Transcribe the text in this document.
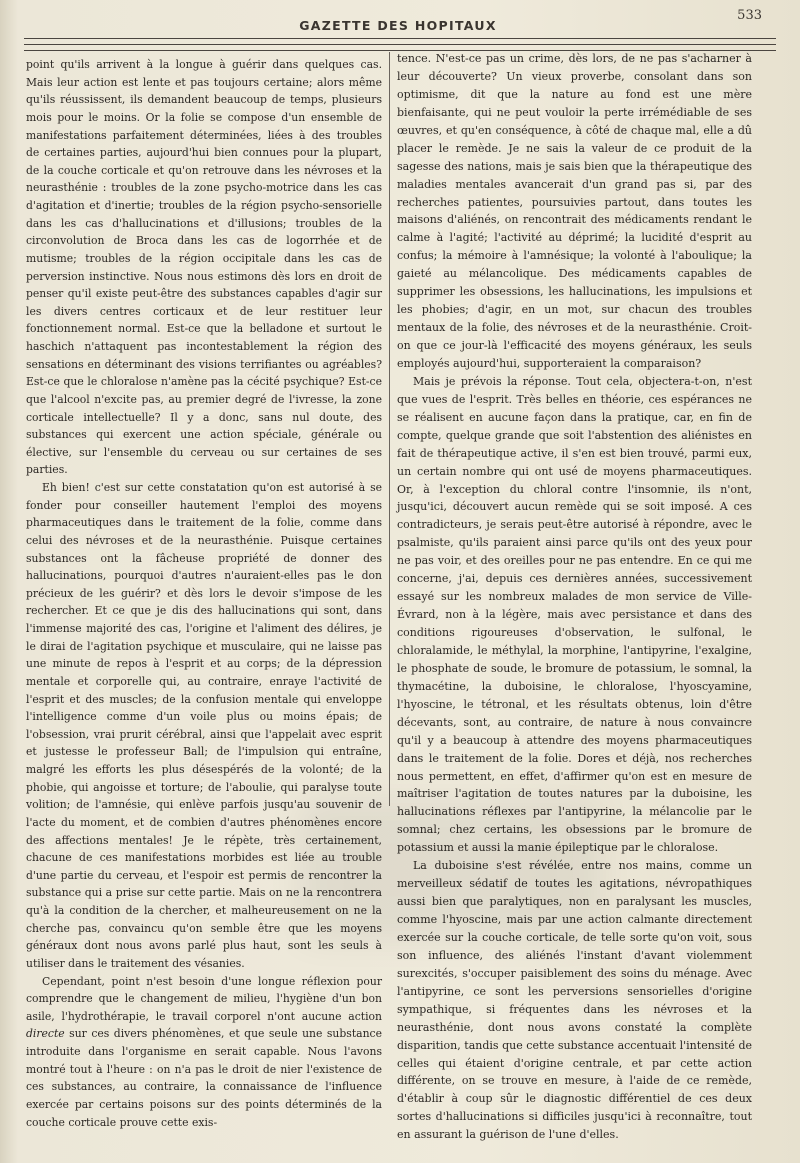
GAZETTE DES HOPITAUX
533

point qu'ils arrivent à la longue à guérir dans quelques cas. Mais leur action est lente et pas toujours certaine; alors même qu'ils réussissent, ils demandent beaucoup de temps, plusieurs mois pour le moins. Or la folie se compose d'un ensemble de manifestations parfaitement déterminées, liées à des troubles de certaines parties, aujourd'hui bien connues pour la plupart, de la couche corticale et qu'on retrouve dans les névroses et la neurasthénie : troubles de la zone psycho-motrice dans les cas d'agitation et d'inertie; troubles de la région psycho-sensorielle dans les cas d'hallucinations et d'illusions; troubles de la circonvolution de Broca dans les cas de logorrhée et de mutisme; troubles de la région occipitale dans les cas de perversion instinctive. Nous nous estimons dès lors en droit de penser qu'il existe peut-être des substances capables d'agir sur les divers centres corticaux et de leur restituer leur fonctionnement normal. Est-ce que la belladone et surtout le haschich n'attaquent pas incontestablement la région des sensations en déterminant des visions terrifiantes ou agréables? Est-ce que le chloralose n'amène pas la cécité psychique? Est-ce que l'alcool n'excite pas, au premier degré de l'ivresse, la zone corticale intellectuelle? Il y a donc, sans nul doute, des substances qui exercent une action spéciale, générale ou élective, sur l'ensemble du cerveau ou sur certaines de ses parties.

Eh bien! c'est sur cette constatation qu'on est autorisé à se fonder pour conseiller hautement l'emploi des moyens pharmaceutiques dans le traitement de la folie, comme dans celui des névroses et de la neurasthénie. Puisque certaines substances ont la fâcheuse propriété de donner des hallucinations, pourquoi d'autres n'auraient-elles pas le don précieux de les guérir? et dès lors le devoir s'impose de les rechercher. Et ce que je dis des hallucinations qui sont, dans l'immense majorité des cas, l'origine et l'aliment des délires, je le dirai de l'agitation psychique et musculaire, qui ne laisse pas une minute de repos à l'esprit et au corps; de la dépression mentale et corporelle qui, au contraire, enraye l'activité de l'esprit et des muscles; de la confusion mentale qui enveloppe l'intelligence comme d'un voile plus ou moins épais; de l'obsession, vrai prurit cérébral, ainsi que l'appelait avec esprit et justesse le professeur Ball; de l'impulsion qui entraîne, malgré les efforts les plus désespérés de la volonté; de la phobie, qui angoisse et torture; de l'aboulie, qui paralyse toute volition; de l'amnésie, qui enlève parfois jusqu'au souvenir de l'acte du moment, et de combien d'autres phénomènes encore des affections mentales! Je le répète, très certainement, chacune de ces manifestations morbides est liée au trouble d'une partie du cerveau, et l'espoir est permis de rencontrer la substance qui a prise sur cette partie. Mais on ne la rencontrera qu'à la condition de la chercher, et malheureusement on ne la cherche pas, convaincu qu'on semble être que les moyens généraux dont nous avons parlé plus haut, sont les seuls à utiliser dans le traitement des vésanies.

Cependant, point n'est besoin d'une longue réflexion pour comprendre que le changement de milieu, l'hygiène d'un bon asile, l'hydrothérapie, le travail corporel n'ont aucune action directe sur ces divers phénomènes, et que seule une substance introduite dans l'organisme en serait capable. Nous l'avons montré tout à l'heure : on n'a pas le droit de nier l'existence de ces substances, au contraire, la connaissance de l'influence exercée par certains poisons sur des points déterminés de la couche corticale prouve cette exis-

tence. N'est-ce pas un crime, dès lors, de ne pas s'acharner à leur découverte? Un vieux proverbe, consolant dans son optimisme, dit que la nature au fond est une mère bienfaisante, qui ne peut vouloir la perte irrémédiable de ses œuvres, et qu'en conséquence, à côté de chaque mal, elle a dû placer le remède. Je ne sais la valeur de ce produit de la sagesse des nations, mais je sais bien que la thérapeutique des maladies mentales avancerait d'un grand pas si, par des recherches patientes, poursuivies partout, dans toutes les maisons d'aliénés, on rencontrait des médicaments rendant le calme à l'agité; l'activité au déprimé; la lucidité d'esprit au confus; la mémoire à l'amnésique; la volonté à l'aboulique; la gaieté au mélancolique. Des médicaments capables de supprimer les obsessions, les hallucinations, les impulsions et les phobies; d'agir, en un mot, sur chacun des troubles mentaux de la folie, des névroses et de la neurasthénie. Croit-on que ce jour-là l'efficacité des moyens généraux, les seuls employés aujourd'hui, supporteraient la comparaison?

Mais je prévois la réponse. Tout cela, objectera-t-on, n'est que vues de l'esprit. Très belles en théorie, ces espérances ne se réalisent en aucune façon dans la pratique, car, en fin de compte, quelque grande que soit l'abstention des aliénistes en fait de thérapeutique active, il s'en est bien trouvé, parmi eux, un certain nombre qui ont usé de moyens pharmaceutiques. Or, à l'exception du chloral contre l'insomnie, ils n'ont, jusqu'ici, découvert aucun remède qui se soit imposé. A ces contradicteurs, je serais peut-être autorisé à répondre, avec le psalmiste, qu'ils paraient ainsi parce qu'ils ont des yeux pour ne pas voir, et des oreilles pour ne pas entendre. En ce qui me concerne, j'ai, depuis ces dernières années, successivement essayé sur les nombreux malades de mon service de Ville-Évrard, non à la légère, mais avec persistance et dans des conditions rigoureuses d'observation, le sulfonal, le chloralamide, le méthylal, la morphine, l'antipyrine, l'exalgine, le phosphate de soude, le bromure de potassium, le somnal, la thymacétine, la duboisine, le chloralose, l'hyoscyamine, l'hyoscine, le tétronal, et les résultats obtenus, loin d'être décevants, sont, au contraire, de nature à nous convaincre qu'il y a beaucoup à attendre des moyens pharmaceutiques dans le traitement de la folie. Dores et déjà, nos recherches nous permettent, en effet, d'affirmer qu'on est en mesure de maîtriser l'agitation de toutes natures par la duboisine, les hallucinations réflexes par l'antipyrine, la mélancolie par le somnal; chez certains, les obsessions par le bromure de potassium et aussi la manie épileptique par le chloralose.

La duboisine s'est révélée, entre nos mains, comme un merveilleux sédatif de toutes les agitations, névropathiques aussi bien que paralytiques, non en paralysant les muscles, comme l'hyoscine, mais par une action calmante directement exercée sur la couche corticale, de telle sorte qu'on voit, sous son influence, des aliénés l'instant d'avant violemment surexcités, s'occuper paisiblement des soins du ménage. Avec l'antipyrine, ce sont les perversions sensorielles d'origine sympathique, si fréquentes dans les névroses et la neurasthénie, dont nous avons constaté la complète disparition, tandis que cette substance accentuait l'intensité de celles qui étaient d'origine centrale, et par cette action différente, on se trouve en mesure, à l'aide de ce remède, d'établir à coup sûr le diagnostic différentiel de ces deux sortes d'hallucinations si difficiles jusqu'ici à reconnaître, tout en assurant la guérison de l'une d'elles.
